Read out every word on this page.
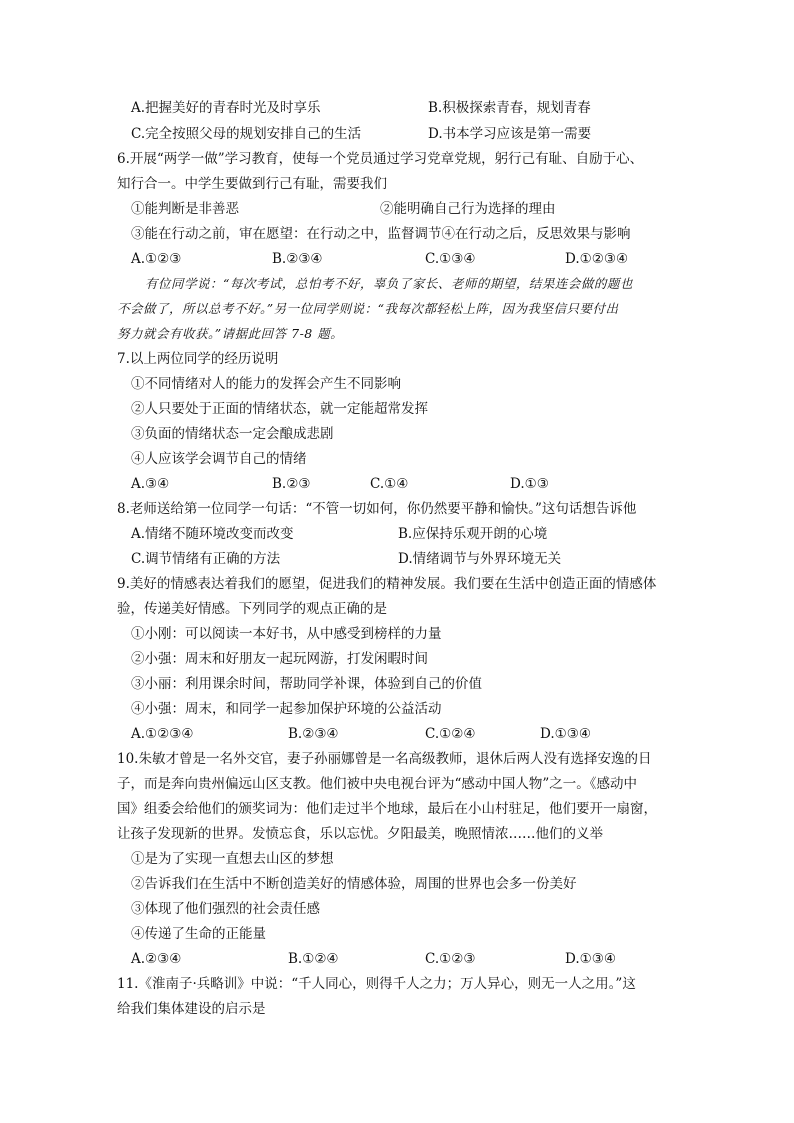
A.把握美好的青春时光及时享乐	B.积极探索青春，规划青春
C.完全按照父母的规划安排自己的生活	D.书本学习应该是第一需要
6.开展“两学一做”学习教育，使每一个党员通过学习党章党规，躬行己有耻、自励于心、
知行合一。中学生要做到行己有耻，需要我们
①能判断是非善恶	②能明确自己行为选择的理由
③能在行动之前，审在愿望：在行动之中，监督调节④在行动之后，反思效果与影响
A.①②③	B.②③④	C.①③④	D.①②③④
有位同学说：“每次考试，总怕考不好，辜负了家长、老师的期望，结果连会做的题也
不会做了，所以总考不好。”另一位同学则说：“我每次都轻松上阵，因为我坚信只要付出
努力就会有收获。”请据此回答 7-8 题。
7.以上两位同学的经历说明
①不同情绪对人的能力的发挥会产生不同影响
②人只要处于正面的情绪状态，就一定能超常发挥
③负面的情绪状态一定会酿成悲剧
④人应该学会调节自己的情绪
A.③④	B.②③	C.①④	D.①③
8.老师送给第一位同学一句话：“不管一切如何，你仍然要平静和愉快。”这句话想告诉他
A.情绪不随环境改变而改变	B.应保持乐观开朗的心境
C.调节情绪有正确的方法	D.情绪调节与外界环境无关
9.美好的情感表达着我们的愿望，促进我们的精神发展。我们要在生活中创造正面的情感体
验，传递美好情感。下列同学的观点正确的是
①小刚：可以阅读一本好书，从中感受到榜样的力量
②小强：周末和好朋友一起玩网游，打发闲暇时间
③小丽：利用课余时间，帮助同学补课，体验到自己的价值
④小强：周末，和同学一起参加保护环境的公益活动
A.①②③④	B.②③④	C.①②④	D.①③④
10.朱敏才曾是一名外交官，妻子孙丽娜曾是一名高级教师，退休后两人没有选择安逸的日
子，而是奔向贵州偏远山区支教。他们被中央电视台评为“感动中国人物”之一。《感动中
国》组委会给他们的颁奖词为：他们走过半个地球，最后在小山村驻足，他们要开一扇窗，
让孩子发现新的世界。发愤忘食，乐以忘忧。夕阳最美，晚照情浓……他们的义举
①是为了实现一直想去山区的梦想
②告诉我们在生活中不断创造美好的情感体验，周围的世界也会多一份美好
③体现了他们强烈的社会责任感
④传递了生命的正能量
A.②③④	B.①②④	C.①②③	D.①③④
11.《淮南子·兵略训》中说：“千人同心，则得千人之力；万人异心，则无一人之用。”这
给我们集体建设的启示是
